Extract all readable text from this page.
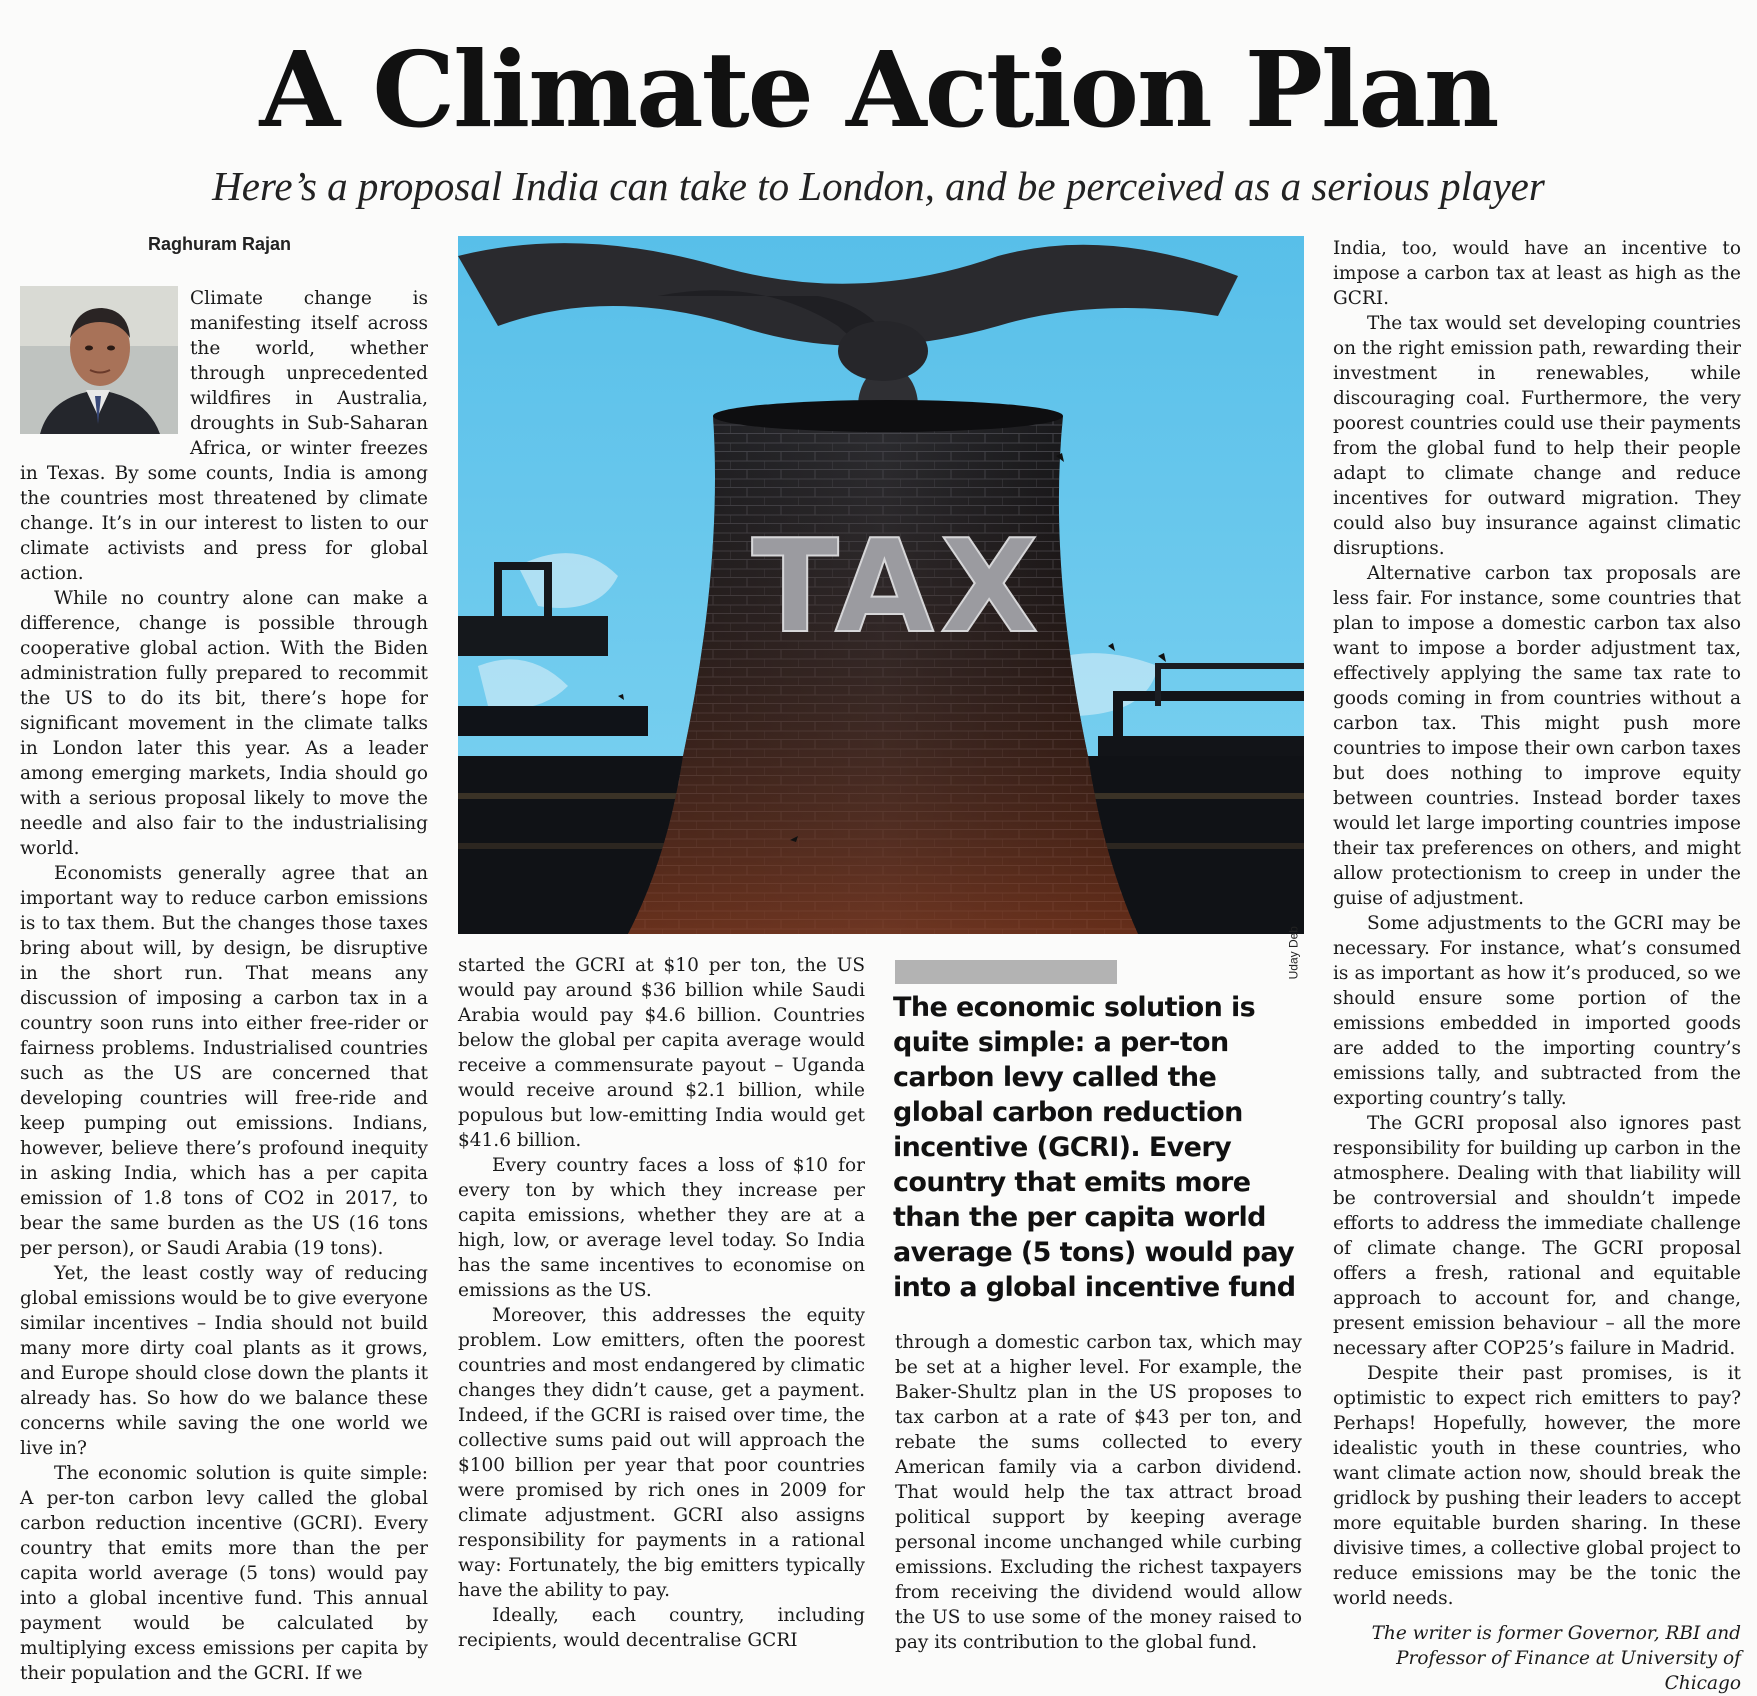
A Climate Action Plan

Here’s a proposal India can take to London, and be perceived as a serious player

Raghuram Rajan

Climate change is manifesting itself across the world, whether through unprecedented wildfires in Australia, droughts in Sub-Saharan Africa, or winter freezes in Texas. By some counts, India is among the countries most threatened by climate change. It’s in our interest to listen to our climate activists and press for global action.

While no country alone can make a difference, change is possible through cooperative global action. With the Biden administration fully prepared to recommit the US to do its bit, there’s hope for significant movement in the climate talks in London later this year. As a leader among emerging markets, India should go with a serious proposal likely to move the needle and also fair to the industrialising world.

Economists generally agree that an important way to reduce carbon emissions is to tax them. But the changes those taxes bring about will, by design, be disruptive in the short run. That means any discussion of imposing a carbon tax in a country soon runs into either free-rider or fairness problems. Industrialised countries such as the US are concerned that developing countries will free-ride and keep pumping out emissions. Indians, however, believe there’s profound inequity in asking India, which has a per capita emission of 1.8 tons of CO2 in 2017, to bear the same burden as the US (16 tons per person), or Saudi Arabia (19 tons).

Yet, the least costly way of reducing global emissions would be to give everyone similar incentives – India should not build many more dirty coal plants as it grows, and Europe should close down the plants it already has. So how do we balance these concerns while saving the one world we live in?

The economic solution is quite simple: A per-ton carbon levy called the global carbon reduction incentive (GCRI). Every country that emits more than the per capita world average (5 tons) would pay into a global incentive fund. This annual payment would be calculated by multiplying excess emissions per capita by their population and the GCRI. If we

TAX
Uday Deb

started the GCRI at $10 per ton, the US would pay around $36 billion while Saudi Arabia would pay $4.6 billion. Countries below the global per capita average would receive a commensurate payout – Uganda would receive around $2.1 billion, while populous but low-emitting India would get $41.6 billion.

Every country faces a loss of $10 for every ton by which they increase per capita emissions, whether they are at a high, low, or average level today. So India has the same incentives to economise on emissions as the US.

Moreover, this addresses the equity problem. Low emitters, often the poorest countries and most endangered by climatic changes they didn’t cause, get a payment. Indeed, if the GCRI is raised over time, the collective sums paid out will approach the $100 billion per year that poor countries were promised by rich ones in 2009 for climate adjustment. GCRI also assigns responsibility for payments in a rational way: Fortunately, the big emitters typically have the ability to pay.

Ideally, each country, including recipients, would decentralise GCRI

The economic solution is quite simple: a per-ton carbon levy called the global carbon reduction incentive (GCRI). Every country that emits more than the per capita world average (5 tons) would pay into a global incentive fund

through a domestic carbon tax, which may be set at a higher level. For example, the Baker-Shultz plan in the US proposes to tax carbon at a rate of $43 per ton, and rebate the sums collected to every American family via a carbon dividend. That would help the tax attract broad political support by keeping average personal income unchanged while curbing emissions. Excluding the richest taxpayers from receiving the dividend would allow the US to use some of the money raised to pay its contribution to the global fund.

India, too, would have an incentive to impose a carbon tax at least as high as the GCRI.

The tax would set developing countries on the right emission path, rewarding their investment in renewables, while discouraging coal. Furthermore, the very poorest countries could use their payments from the global fund to help their people adapt to climate change and reduce incentives for outward migration. They could also buy insurance against climatic disruptions.

Alternative carbon tax proposals are less fair. For instance, some countries that plan to impose a domestic carbon tax also want to impose a border adjustment tax, effectively applying the same tax rate to goods coming in from countries without a carbon tax. This might push more countries to impose their own carbon taxes but does nothing to improve equity between countries. Instead border taxes would let large importing countries impose their tax preferences on others, and might allow protectionism to creep in under the guise of adjustment.

Some adjustments to the GCRI may be necessary. For instance, what’s consumed is as important as how it’s produced, so we should ensure some portion of the emissions embedded in imported goods are added to the importing country’s emissions tally, and subtracted from the exporting country’s tally.

The GCRI proposal also ignores past responsibility for building up carbon in the atmosphere. Dealing with that liability will be controversial and shouldn’t impede efforts to address the immediate challenge of climate change. The GCRI proposal offers a fresh, rational and equitable approach to account for, and change, present emission behaviour – all the more necessary after COP25’s failure in Madrid.

Despite their past promises, is it optimistic to expect rich emitters to pay? Perhaps! Hopefully, however, the more idealistic youth in these countries, who want climate action now, should break the gridlock by pushing their leaders to accept more equitable burden sharing. In these divisive times, a collective global project to reduce emissions may be the tonic the world needs.

The writer is former Governor, RBI and

Professor of Finance at University of Chicago
